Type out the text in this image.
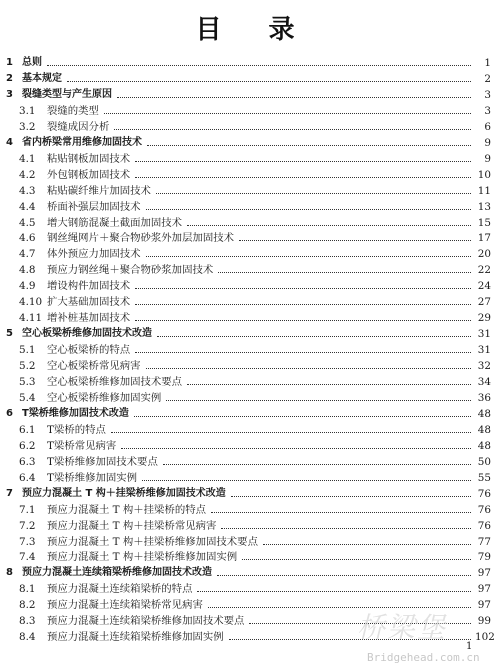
目 录
1 总则	1
2 基本规定	2
3 裂缝类型与产生原因	3
3.1	裂缝的类型	3
3.2	裂缝成因分析	6
4 省内桥梁常用维修加固技术	9
4.1	粘贴钢板加固技术	9
4.2	外包钢板加固技术	10
4.3	粘贴碳纤维片加固技术	11
4.4	桥面补强层加固技术	13
4.5	增大钢筋混凝土截面加固技术	15
4.6	钢丝绳网片＋聚合物砂浆外加层加固技术	17
4.7	体外预应力加固技术	20
4.8	预应力钢丝绳＋聚合物砂浆加固技术	22
4.9	增设构件加固技术	24
4.10 扩大基础加固技术	27
4.11 增补桩基加固技术	29
5 空心板梁桥维修加固技术改造	31
5.1	空心板梁桥的特点	31
5.2	空心板梁桥常见病害	32
5.3	空心板梁桥维修加固技术要点	34
5.4	空心板梁桥维修加固实例	36
6 T梁桥维修加固技术改造	48
6.1	T梁桥的特点	48
6.2	T梁桥常见病害	48
6.3	T梁桥维修加固技术要点	50
6.4	T梁桥维修加固实例	55
7 预应力混凝土 T 构＋挂梁桥维修加固技术改造	76
7.1	预应力混凝土 T 构＋挂梁桥的特点	76
7.2	预应力混凝土 T 构＋挂梁桥常见病害	76
7.3	预应力混凝土 T 构＋挂梁桥维修加固技术要点	77
7.4	预应力混凝土 T 构＋挂梁桥维修加固实例	79
8 预应力混凝土连续箱梁桥维修加固技术改造	97
8.1	预应力混凝土连续箱梁桥的特点	97
8.2	预应力混凝土连续箱梁桥常见病害	97
8.3	预应力混凝土连续箱梁桥维修加固技术要点	99
8.4	预应力混凝土连续箱梁桥维修加固实例	102
桥梁堡
Bridgehead.com.cn
1
